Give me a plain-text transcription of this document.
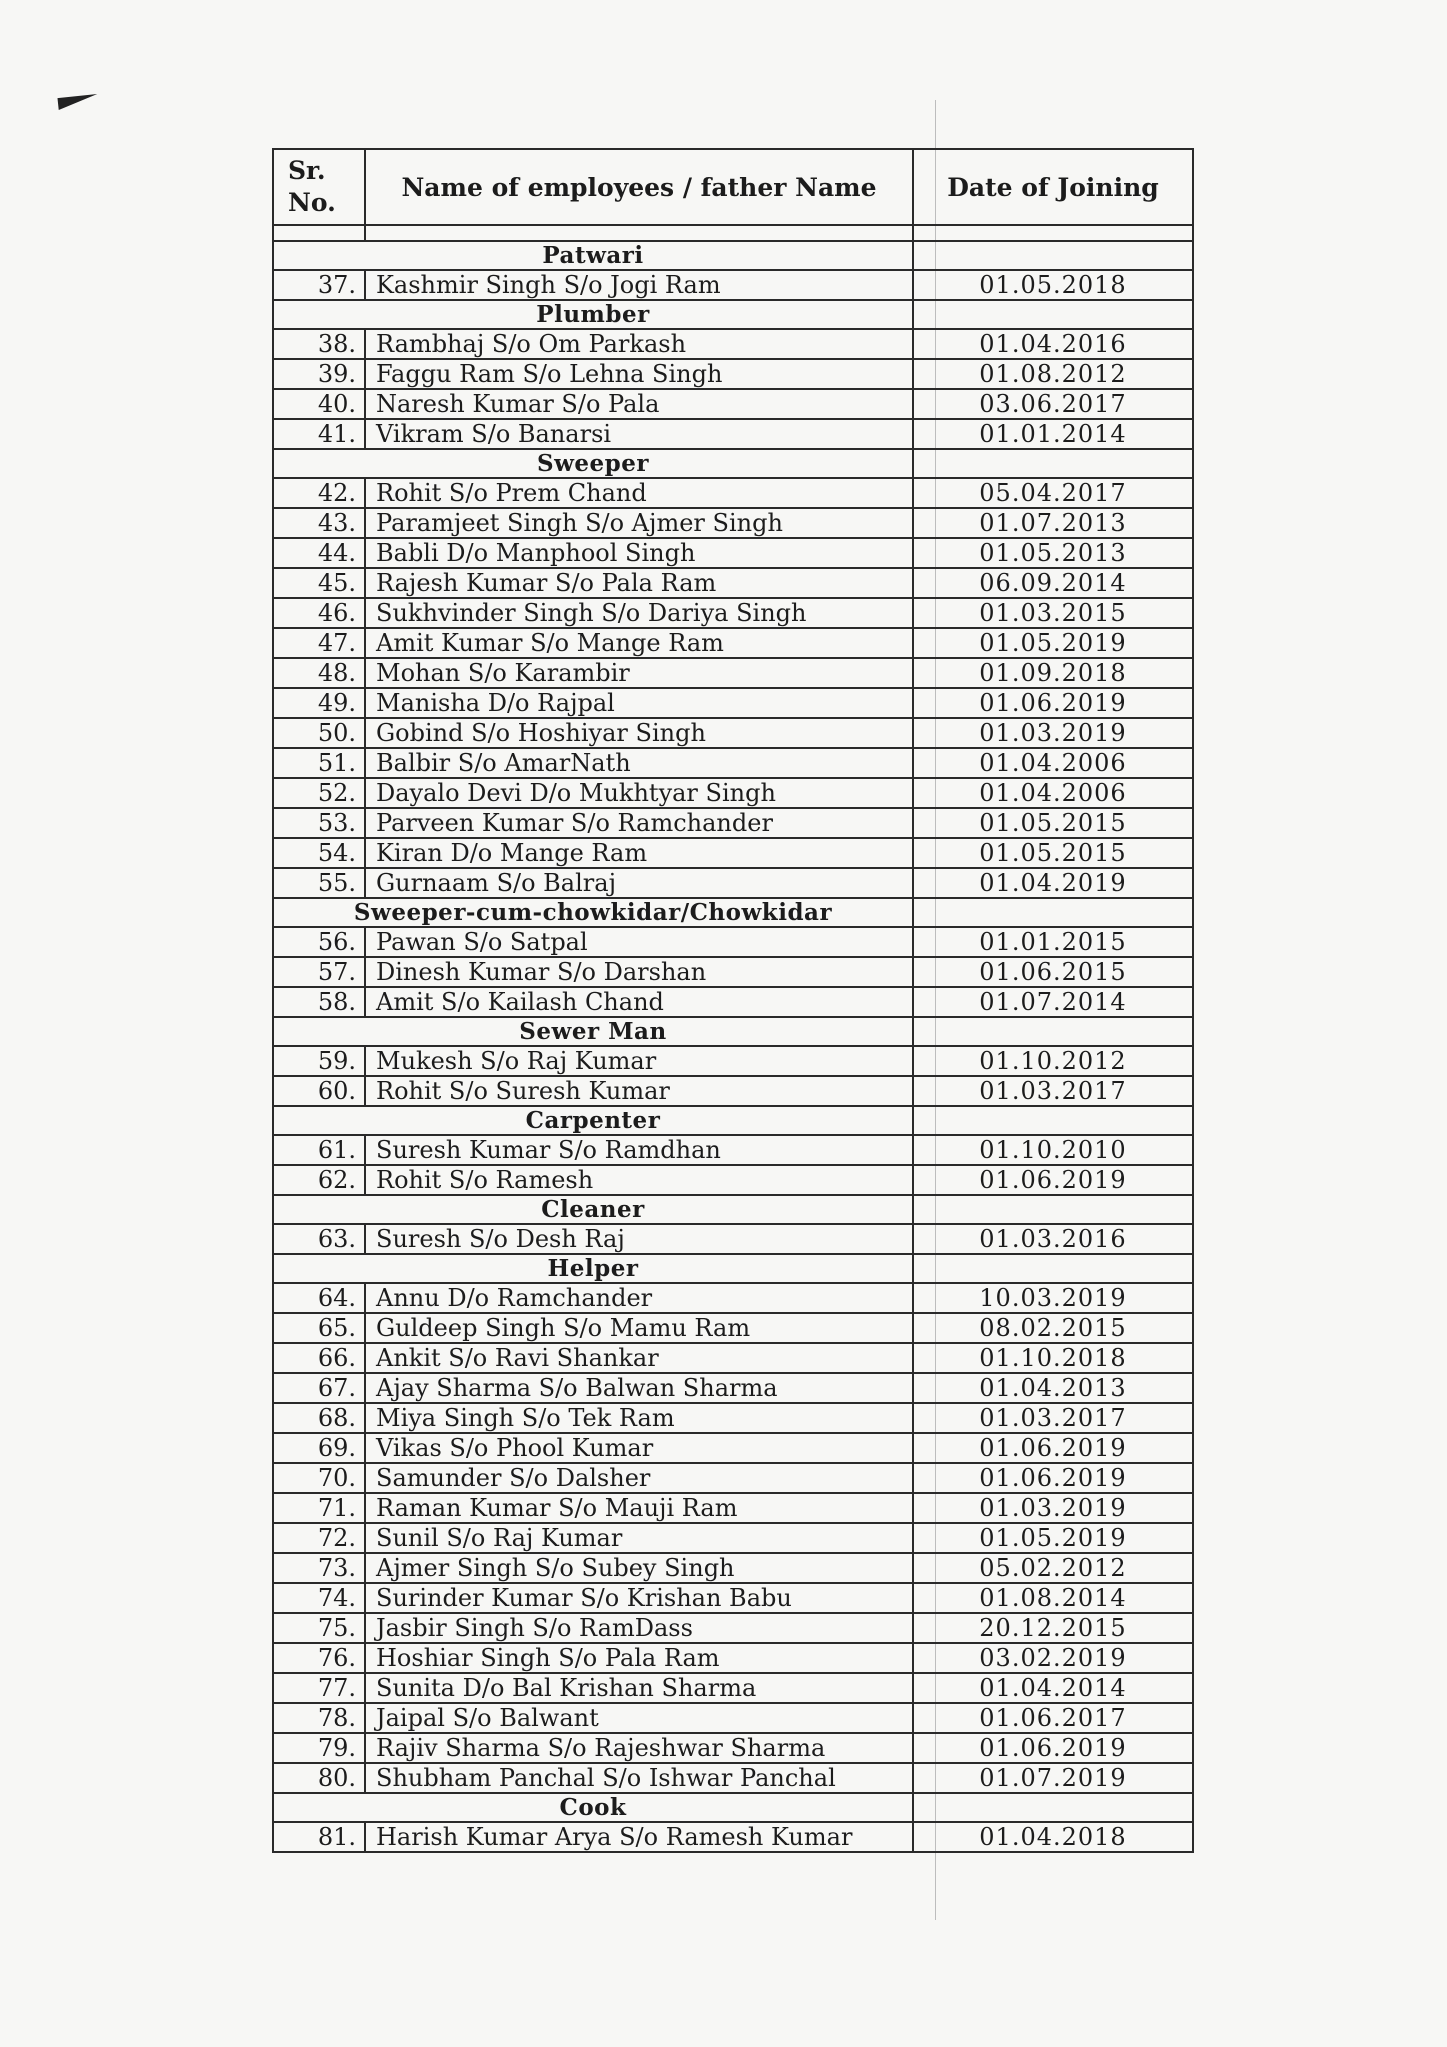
Sr. No.	Name of employees / father Name	Date of Joining

Patwari		
37.	Kashmir Singh S/o Jogi Ram	01.05.2018
Plumber		
38.	Rambhaj S/o Om Parkash	01.04.2016
39.	Faggu Ram S/o Lehna Singh	01.08.2012
40.	Naresh Kumar S/o Pala	03.06.2017
41.	Vikram S/o Banarsi	01.01.2014
Sweeper		
42.	Rohit S/o Prem Chand	05.04.2017
43.	Paramjeet Singh S/o Ajmer Singh	01.07.2013
44.	Babli D/o Manphool Singh	01.05.2013
45.	Rajesh Kumar S/o Pala Ram	06.09.2014
46.	Sukhvinder Singh S/o Dariya Singh	01.03.2015
47.	Amit Kumar S/o Mange Ram	01.05.2019
48.	Mohan S/o Karambir	01.09.2018
49.	Manisha D/o Rajpal	01.06.2019
50.	Gobind S/o Hoshiyar Singh	01.03.2019
51.	Balbir S/o AmarNath	01.04.2006
52.	Dayalo Devi D/o Mukhtyar Singh	01.04.2006
53.	Parveen Kumar S/o Ramchander	01.05.2015
54.	Kiran D/o Mange Ram	01.05.2015
55.	Gurnaam S/o Balraj	01.04.2019
Sweeper-cum-chowkidar/Chowkidar		
56.	Pawan S/o Satpal	01.01.2015
57.	Dinesh Kumar S/o Darshan	01.06.2015
58.	Amit S/o Kailash Chand	01.07.2014
Sewer Man		
59.	Mukesh S/o Raj Kumar	01.10.2012
60.	Rohit S/o Suresh Kumar	01.03.2017
Carpenter		
61.	Suresh Kumar S/o Ramdhan	01.10.2010
62.	Rohit S/o Ramesh	01.06.2019
Cleaner		
63.	Suresh S/o Desh Raj	01.03.2016
Helper		
64.	Annu D/o Ramchander	10.03.2019
65.	Guldeep Singh S/o Mamu Ram	08.02.2015
66.	Ankit S/o Ravi Shankar	01.10.2018
67.	Ajay Sharma S/o Balwan Sharma	01.04.2013
68.	Miya Singh S/o Tek Ram	01.03.2017
69.	Vikas S/o Phool Kumar	01.06.2019
70.	Samunder S/o Dalsher	01.06.2019
71.	Raman Kumar S/o Mauji Ram	01.03.2019
72.	Sunil S/o Raj Kumar	01.05.2019
73.	Ajmer Singh S/o Subey Singh	05.02.2012
74.	Surinder Kumar S/o Krishan Babu	01.08.2014
75.	Jasbir Singh S/o RamDass	20.12.2015
76.	Hoshiar Singh S/o Pala Ram	03.02.2019
77.	Sunita D/o Bal Krishan Sharma	01.04.2014
78.	Jaipal S/o Balwant	01.06.2017
79.	Rajiv Sharma S/o Rajeshwar Sharma	01.06.2019
80.	Shubham Panchal S/o Ishwar Panchal	01.07.2019
Cook		
81.	Harish Kumar Arya S/o Ramesh Kumar	01.04.2018
